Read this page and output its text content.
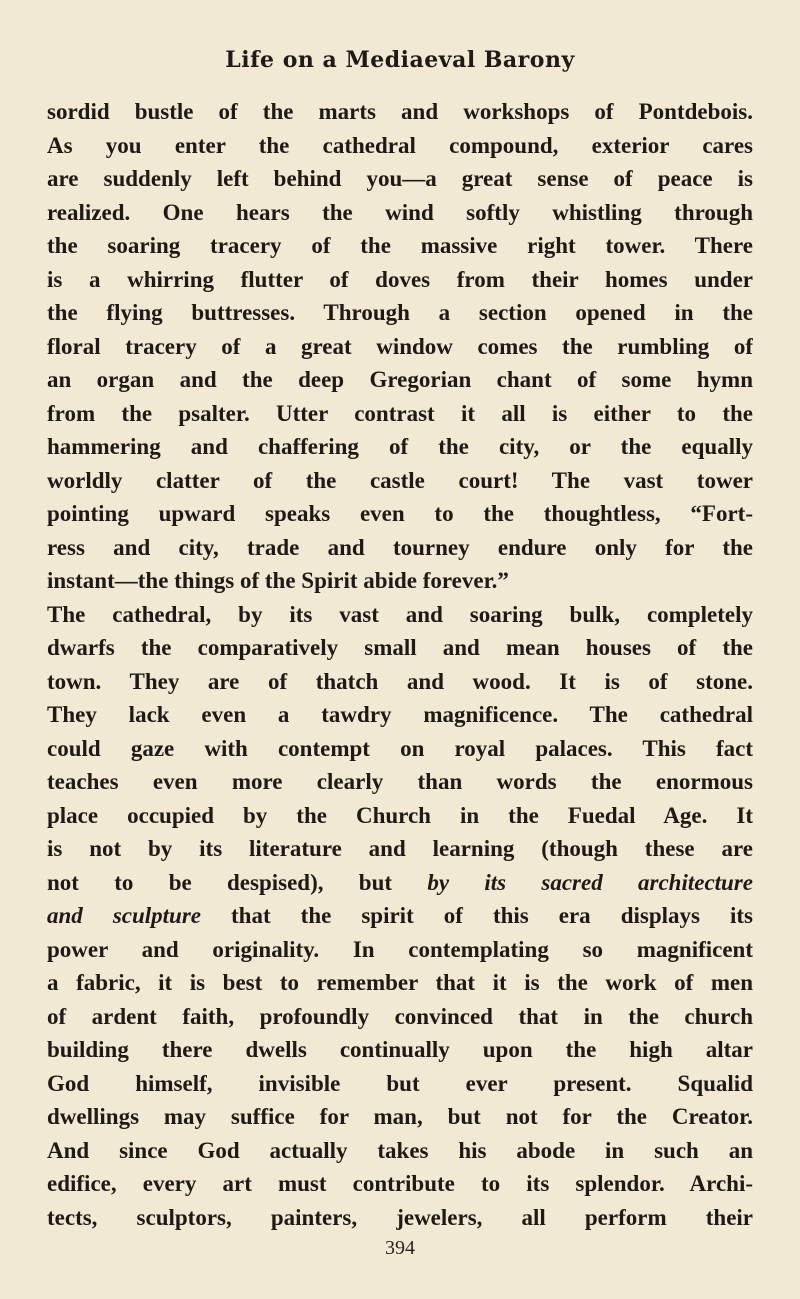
Life on a Mediaeval Barony
sordid bustle of the marts and workshops of Pontdebois.
As you enter the cathedral compound, exterior cares
are suddenly left behind you—a great sense of peace is
realized. One hears the wind softly whistling through
the soaring tracery of the massive right tower. There
is a whirring flutter of doves from their homes under
the flying buttresses. Through a section opened in the
floral tracery of a great window comes the rumbling of
an organ and the deep Gregorian chant of some hymn
from the psalter. Utter contrast it all is either to the
hammering and chaffering of the city, or the equally
worldly clatter of the castle court! The vast tower
pointing upward speaks even to the thoughtless, “Fort-
ress and city, trade and tourney endure only for the
instant—the things of the Spirit abide forever.”
The cathedral, by its vast and soaring bulk, completely
dwarfs the comparatively small and mean houses of the
town. They are of thatch and wood. It is of stone.
They lack even a tawdry magnificence. The cathedral
could gaze with contempt on royal palaces. This fact
teaches even more clearly than words the enormous
place occupied by the Church in the Fuedal Age. It
is not by its literature and learning (though these are
not to be despised), but by its sacred architecture
and sculpture that the spirit of this era displays its
power and originality. In contemplating so magnificent
a fabric, it is best to remember that it is the work of men
of ardent faith, profoundly convinced that in the church
building there dwells continually upon the high altar
God himself, invisible but ever present. Squalid
dwellings may suffice for man, but not for the Creator.
And since God actually takes his abode in such an
edifice, every art must contribute to its splendor. Archi-
tects, sculptors, painters, jewelers, all perform their
394
